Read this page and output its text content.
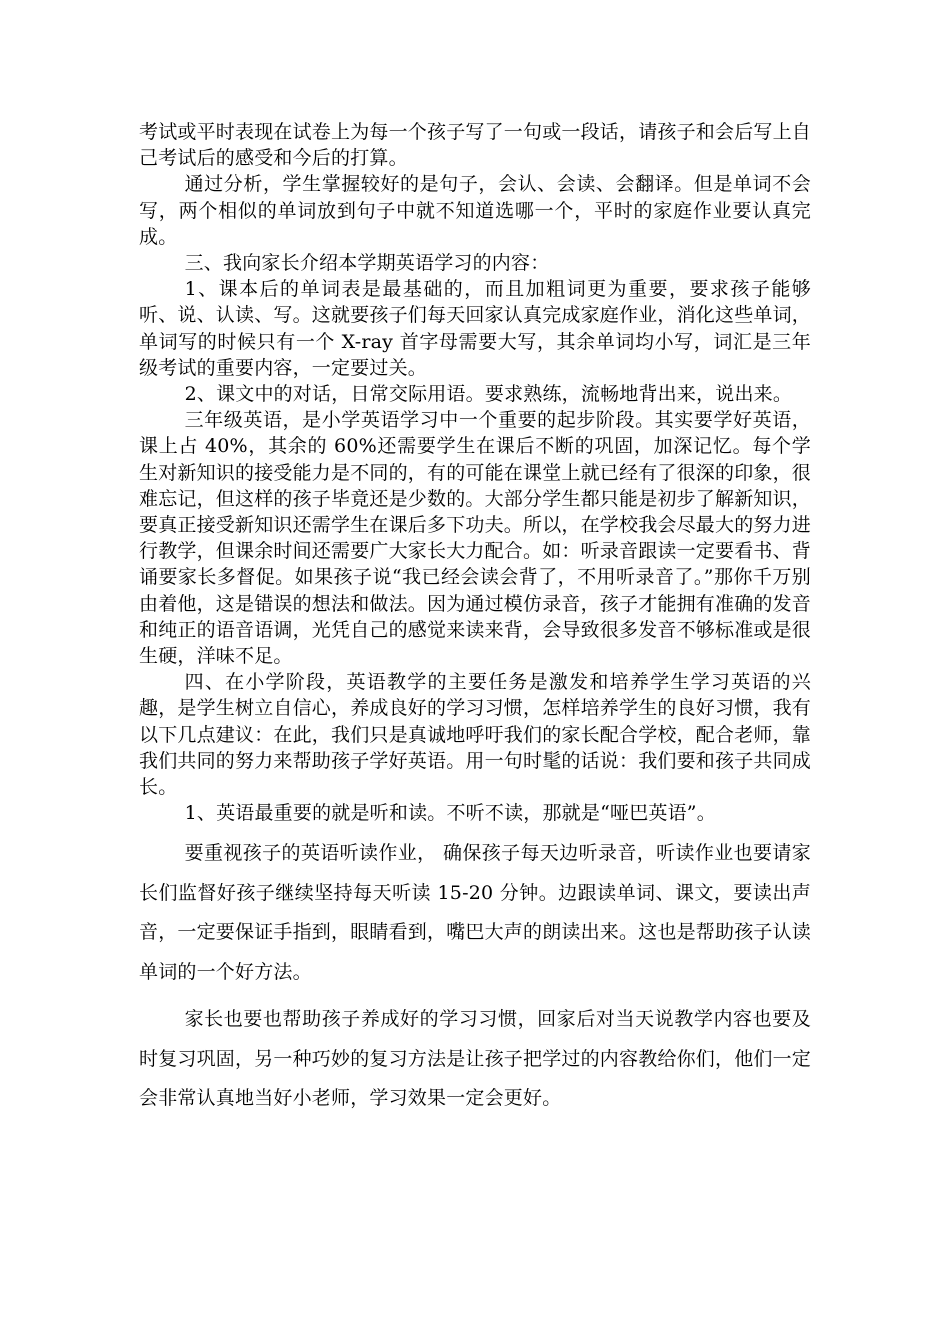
考试或平时表现在试卷上为每一个孩子写了一句或一段话，请孩子和会后写上自己考试后的感受和今后的打算。

通过分析，学生掌握较好的是句子，会认、会读、会翻译。但是单词不会写，两个相似的单词放到句子中就不知道选哪一个，平时的家庭作业要认真完成。

三、我向家长介绍本学期英语学习的内容：

1、课本后的单词表是最基础的，而且加粗词更为重要，要求孩子能够听、说、认读、写。这就要孩子们每天回家认真完成家庭作业，消化这些单词，单词写的时候只有一个 X-ray 首字母需要大写，其余单词均小写，词汇是三年级考试的重要内容，一定要过关。

2、课文中的对话，日常交际用语。要求熟练，流畅地背出来，说出来。

三年级英语，是小学英语学习中一个重要的起步阶段。其实要学好英语，课上占 40%，其余的 60%还需要学生在课后不断的巩固，加深记忆。每个学生对新知识的接受能力是不同的，有的可能在课堂上就已经有了很深的印象，很难忘记，但这样的孩子毕竟还是少数的。大部分学生都只能是初步了解新知识，要真正接受新知识还需学生在课后多下功夫。所以，在学校我会尽最大的努力进行教学，但课余时间还需要广大家长大力配合。如：听录音跟读一定要看书、背诵要家长多督促。如果孩子说“我已经会读会背了，不用听录音了。”那你千万别由着他，这是错误的想法和做法。因为通过模仿录音，孩子才能拥有准确的发音和纯正的语音语调，光凭自己的感觉来读来背，会导致很多发音不够标准或是很生硬，洋味不足。

四、在小学阶段，英语教学的主要任务是激发和培养学生学习英语的兴趣，是学生树立自信心，养成良好的学习习惯，怎样培养学生的良好习惯，我有以下几点建议：在此，我们只是真诚地呼吁我们的家长配合学校，配合老师，靠我们共同的努力来帮助孩子学好英语。用一句时髦的话说：我们要和孩子共同成长。

1、英语最重要的就是听和读。不听不读，那就是“哑巴英语”。

要重视孩子的英语听读作业， 确保孩子每天边听录音，听读作业也要请家长们监督好孩子继续坚持每天听读 15-20 分钟。边跟读单词、课文，要读出声音，一定要保证手指到，眼睛看到，嘴巴大声的朗读出来。这也是帮助孩子认读单词的一个好方法。

家长也要也帮助孩子养成好的学习习惯，回家后对当天说教学内容也要及时复习巩固，另一种巧妙的复习方法是让孩子把学过的内容教给你们，他们一定会非常认真地当好小老师，学习效果一定会更好。
